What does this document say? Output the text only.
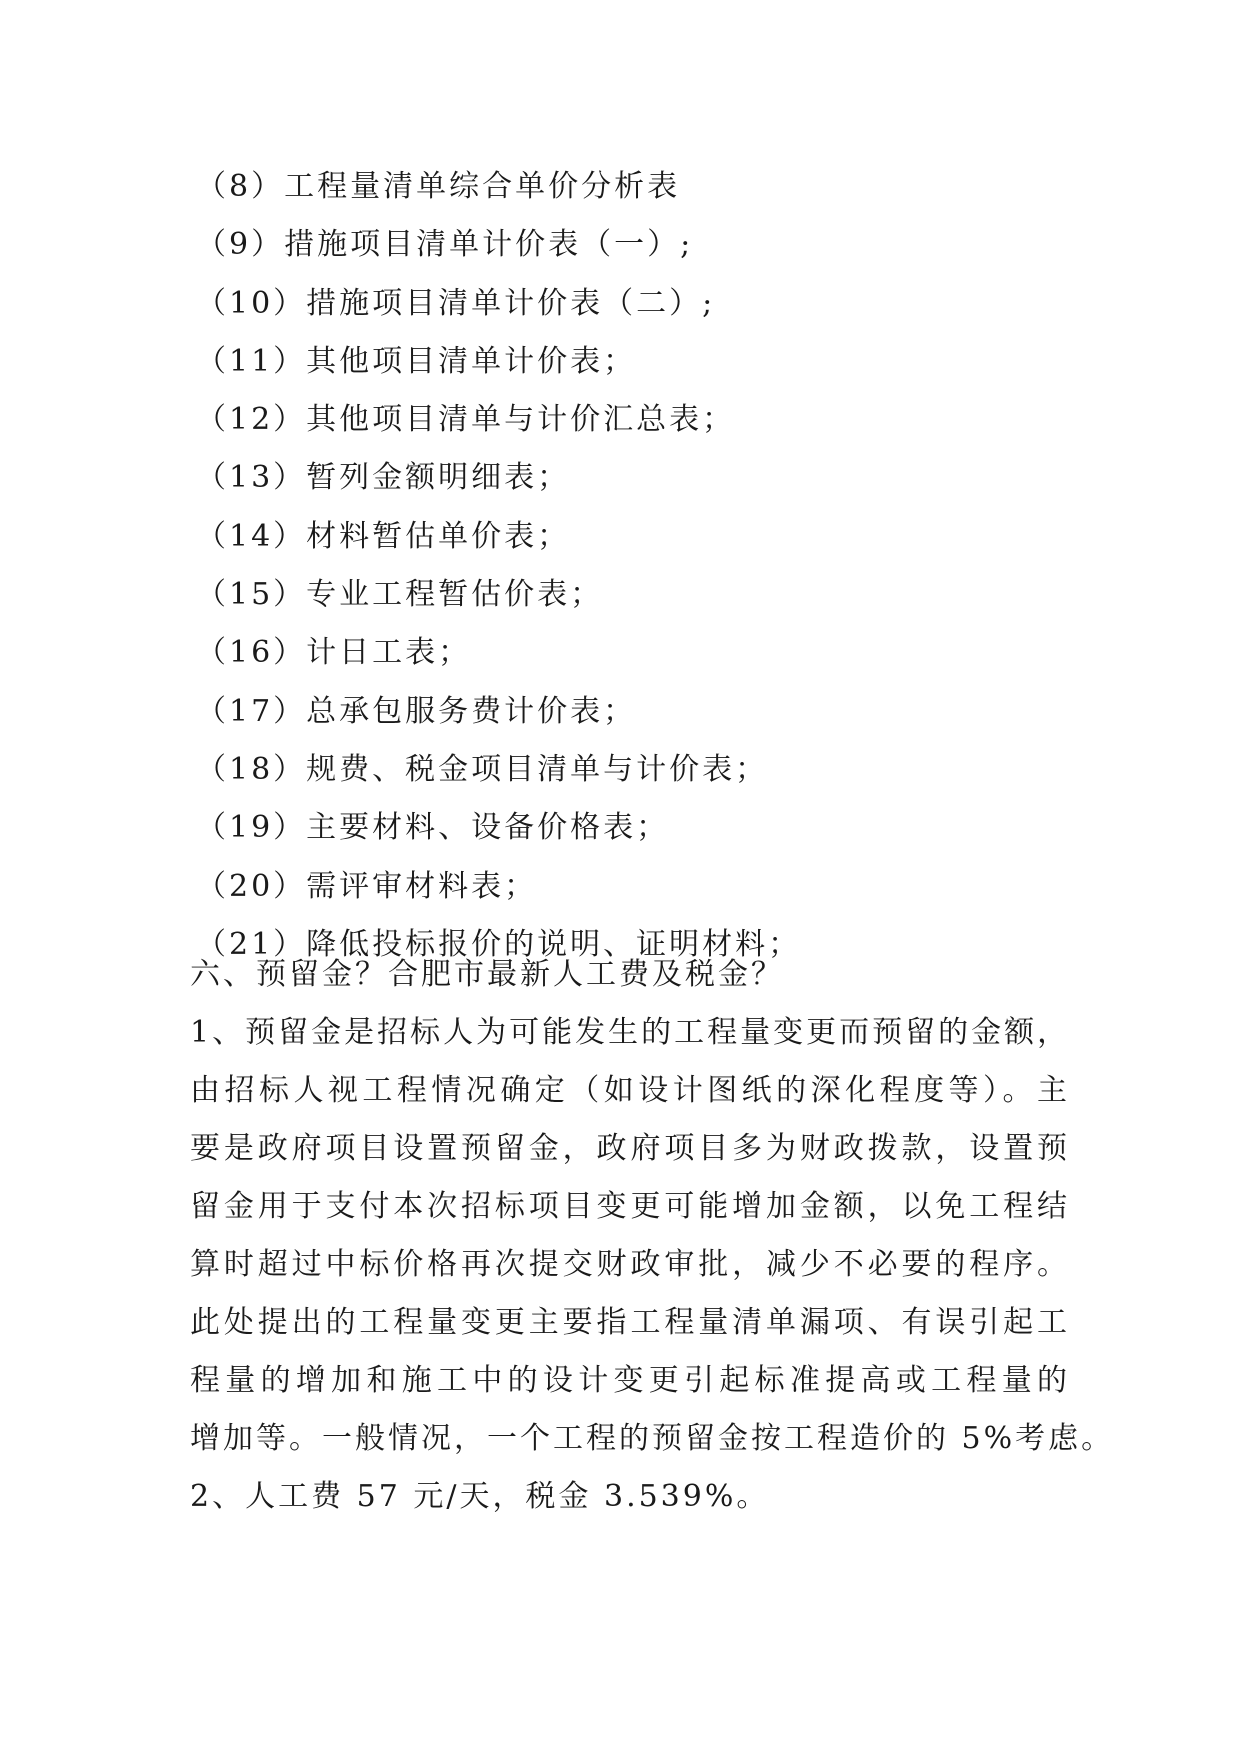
（8）工程量清单综合单价分析表
（9）措施项目清单计价表（一）;
（10）措施项目清单计价表（二）;
（11）其他项目清单计价表；
（12）其他项目清单与计价汇总表；
（13）暂列金额明细表；
（14）材料暂估单价表；
（15）专业工程暂估价表；
（16）计日工表；
（17）总承包服务费计价表；
（18）规费、税金项目清单与计价表；
（19）主要材料、设备价格表；
（20）需评审材料表；
（21）降低投标报价的说明、证明材料；
六、预留金？合肥市最新人工费及税金？
1、预留金是招标人为可能发生的工程量变更而预留的金额，
由招标人视工程情况确定（如设计图纸的深化程度等）。主
要是政府项目设置预留金，政府项目多为财政拨款，设置预
留金用于支付本次招标项目变更可能增加金额，以免工程结
算时超过中标价格再次提交财政审批，减少不必要的程序。
此处提出的工程量变更主要指工程量清单漏项、有误引起工
程量的增加和施工中的设计变更引起标准提高或工程量的
增加等。一般情况，一个工程的预留金按工程造价的 5%考虑。
2、人工费 57 元/天，税金 3.539%。
